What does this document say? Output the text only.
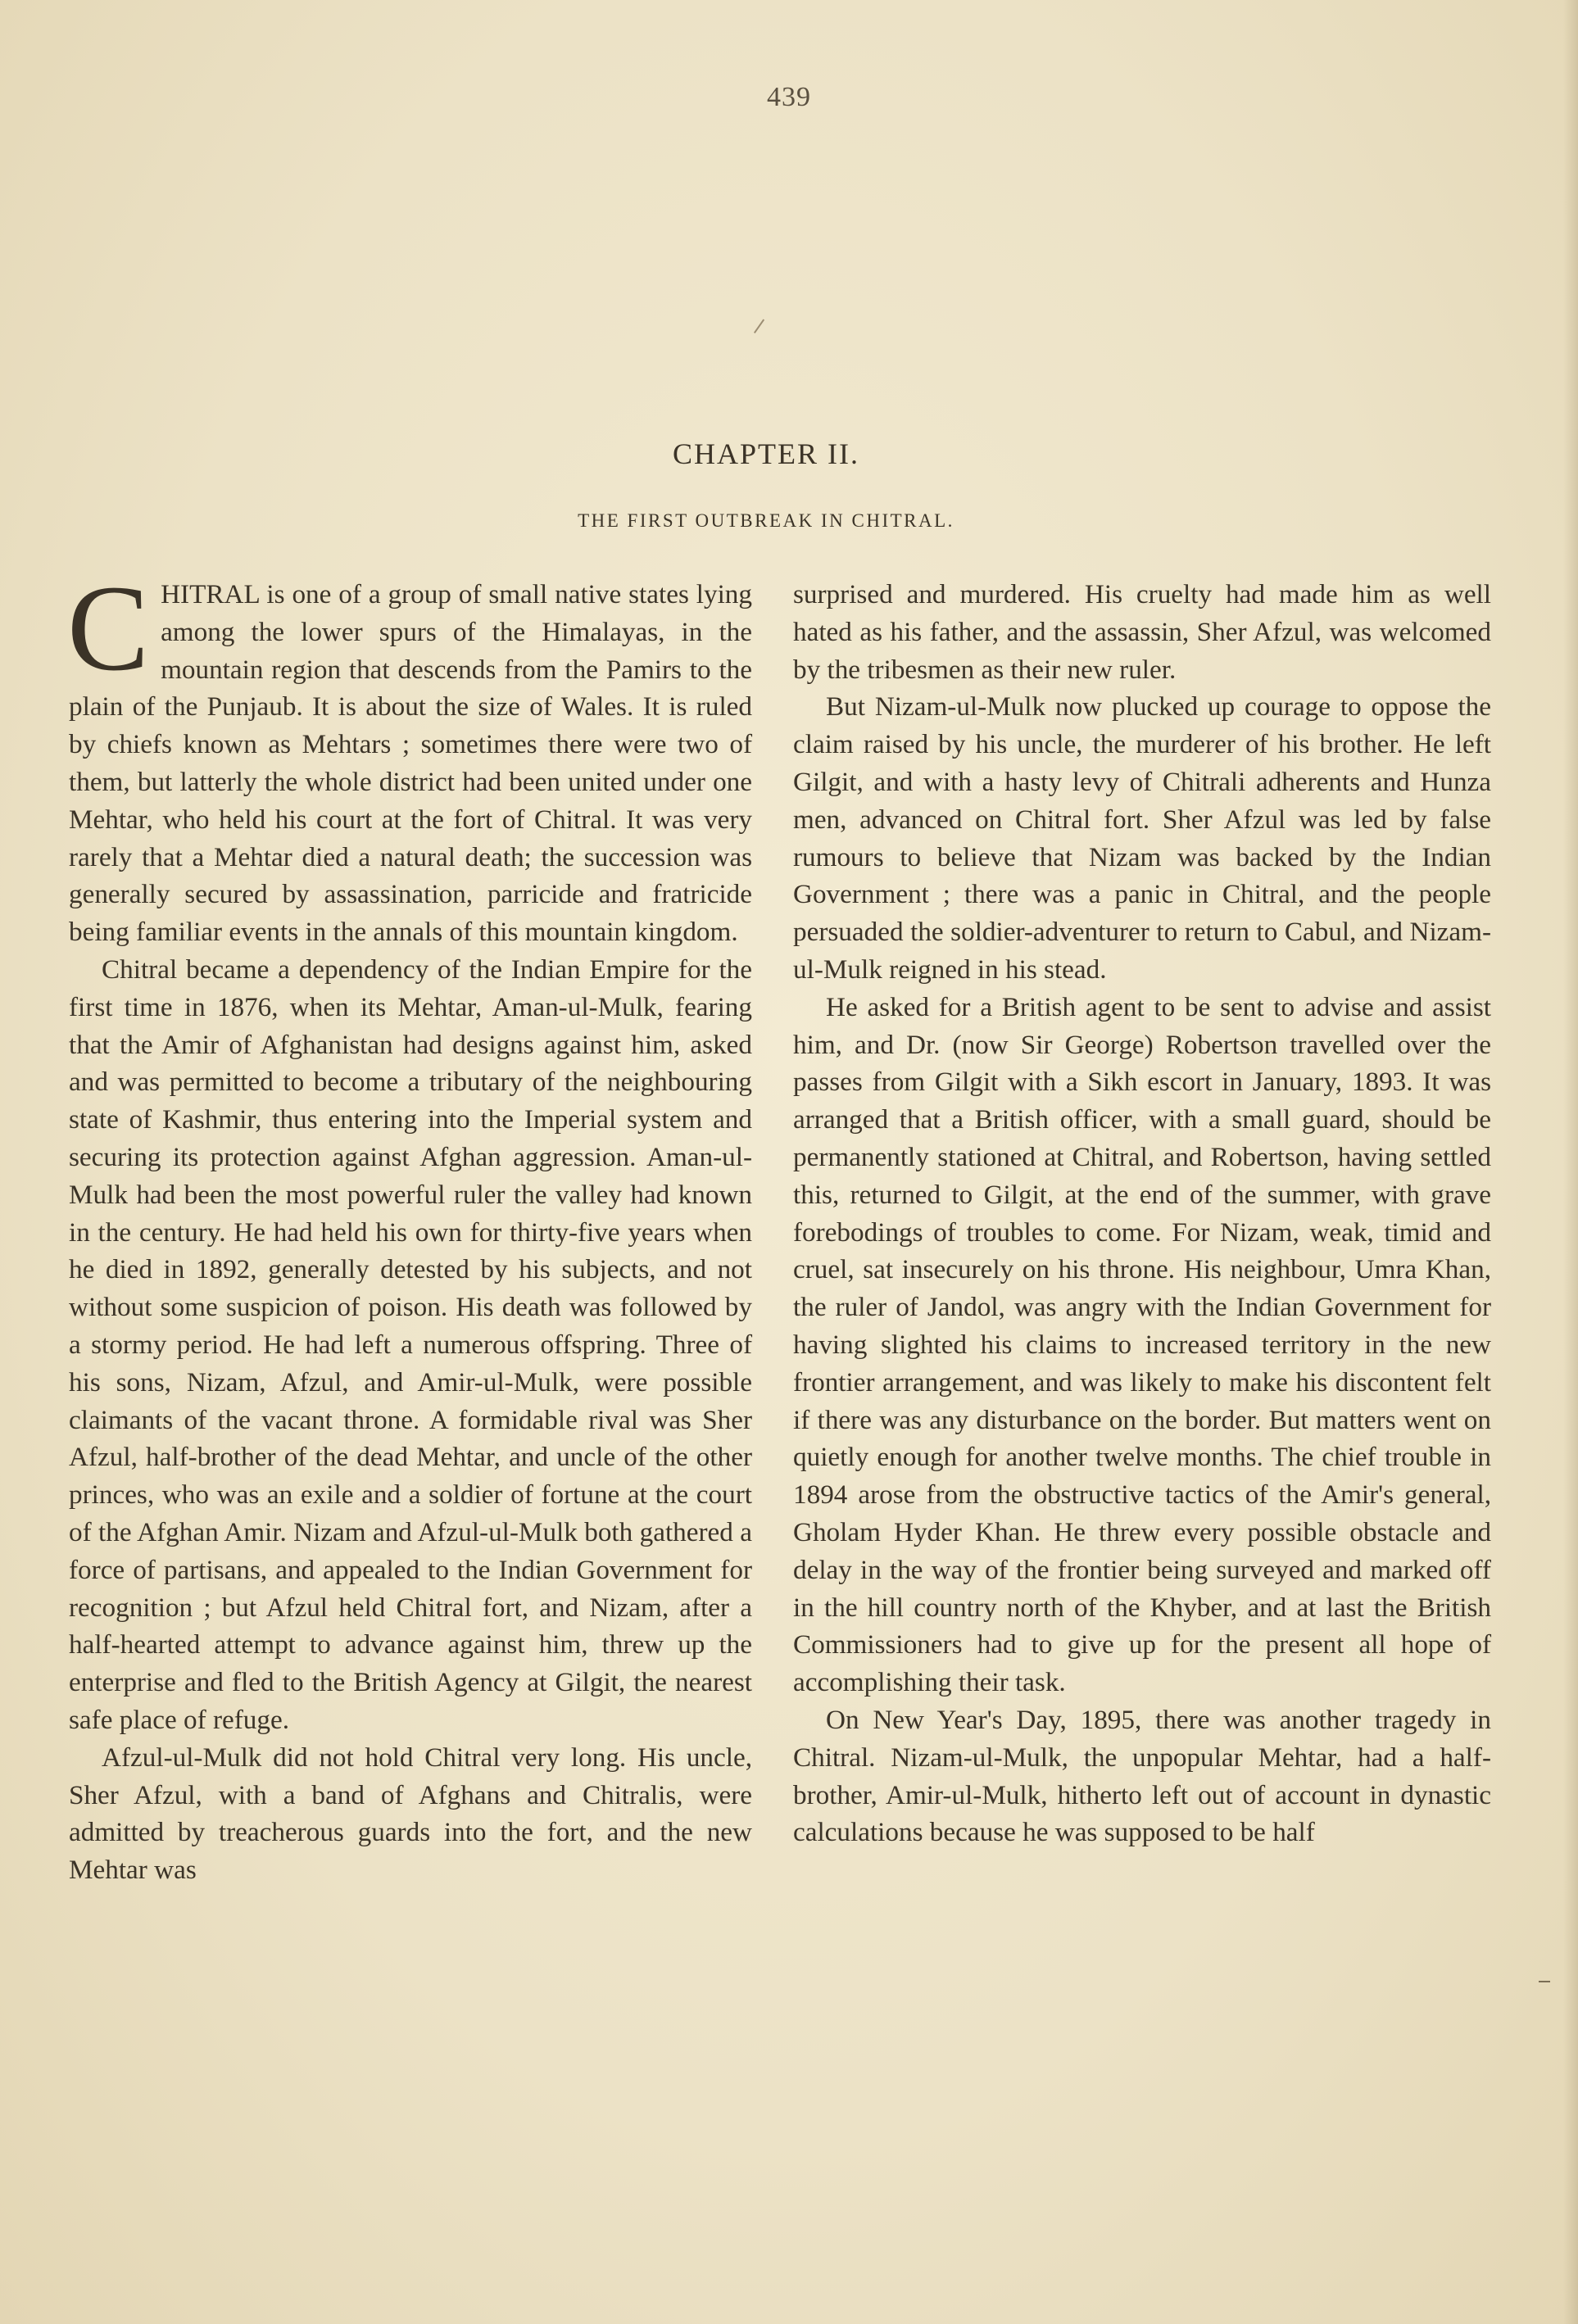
439
CHAPTER II.
THE FIRST OUTBREAK IN CHITRAL.

CHITRAL is one of a group of small native states lying among the lower spurs of the Himalayas, in the mountain region that descends from the Pamirs to the plain of the Punjaub. It is about the size of Wales. It is ruled by chiefs known as Mehtars ; sometimes there were two of them, but latterly the whole district had been united under one Mehtar, who held his court at the fort of Chitral. It was very rarely that a Mehtar died a natural death; the succession was generally secured by assassination, parricide and fratricide being familiar events in the annals of this mountain kingdom.

Chitral became a dependency of the Indian Empire for the first time in 1876, when its Mehtar, Aman-ul-Mulk, fearing that the Amir of Afghanistan had designs against him, asked and was permitted to become a tributary of the neighbouring state of Kashmir, thus entering into the Imperial system and securing its protection against Afghan aggression. Aman-ul-Mulk had been the most powerful ruler the valley had known in the century. He had held his own for thirty-five years when he died in 1892, generally detested by his subjects, and not without some suspicion of poison. His death was followed by a stormy period. He had left a numerous offspring. Three of his sons, Nizam, Afzul, and Amir-ul-Mulk, were possible claimants of the vacant throne. A formidable rival was Sher Afzul, half-brother of the dead Mehtar, and uncle of the other princes, who was an exile and a soldier of fortune at the court of the Afghan Amir. Nizam and Afzul-ul-Mulk both gathered a force of partisans, and appealed to the Indian Government for recognition ; but Afzul held Chitral fort, and Nizam, after a half-hearted attempt to advance against him, threw up the enterprise and fled to the British Agency at Gilgit, the nearest safe place of refuge.

Afzul-ul-Mulk did not hold Chitral very long. His uncle, Sher Afzul, with a band of Afghans and Chitralis, were admitted by treacherous guards into the fort, and the new Mehtar was

surprised and murdered. His cruelty had made him as well hated as his father, and the assassin, Sher Afzul, was welcomed by the tribesmen as their new ruler.

But Nizam-ul-Mulk now plucked up courage to oppose the claim raised by his uncle, the murderer of his brother. He left Gilgit, and with a hasty levy of Chitrali adherents and Hunza men, advanced on Chitral fort. Sher Afzul was led by false rumours to believe that Nizam was backed by the Indian Government ; there was a panic in Chitral, and the people persuaded the soldier-adventurer to return to Cabul, and Nizam-ul-Mulk reigned in his stead.

He asked for a British agent to be sent to advise and assist him, and Dr. (now Sir George) Robertson travelled over the passes from Gilgit with a Sikh escort in January, 1893. It was arranged that a British officer, with a small guard, should be permanently stationed at Chitral, and Robertson, having settled this, returned to Gilgit, at the end of the summer, with grave forebodings of troubles to come. For Nizam, weak, timid and cruel, sat insecurely on his throne. His neighbour, Umra Khan, the ruler of Jandol, was angry with the Indian Government for having slighted his claims to increased territory in the new frontier arrangement, and was likely to make his discontent felt if there was any disturbance on the border. But matters went on quietly enough for another twelve months. The chief trouble in 1894 arose from the obstructive tactics of the Amir's general, Gholam Hyder Khan. He threw every possible obstacle and delay in the way of the frontier being surveyed and marked off in the hill country north of the Khyber, and at last the British Commissioners had to give up for the present all hope of accomplishing their task.

On New Year's Day, 1895, there was another tragedy in Chitral. Nizam-ul-Mulk, the unpopular Mehtar, had a half-brother, Amir-ul-Mulk, hitherto left out of account in dynastic calculations because he was supposed to be half
